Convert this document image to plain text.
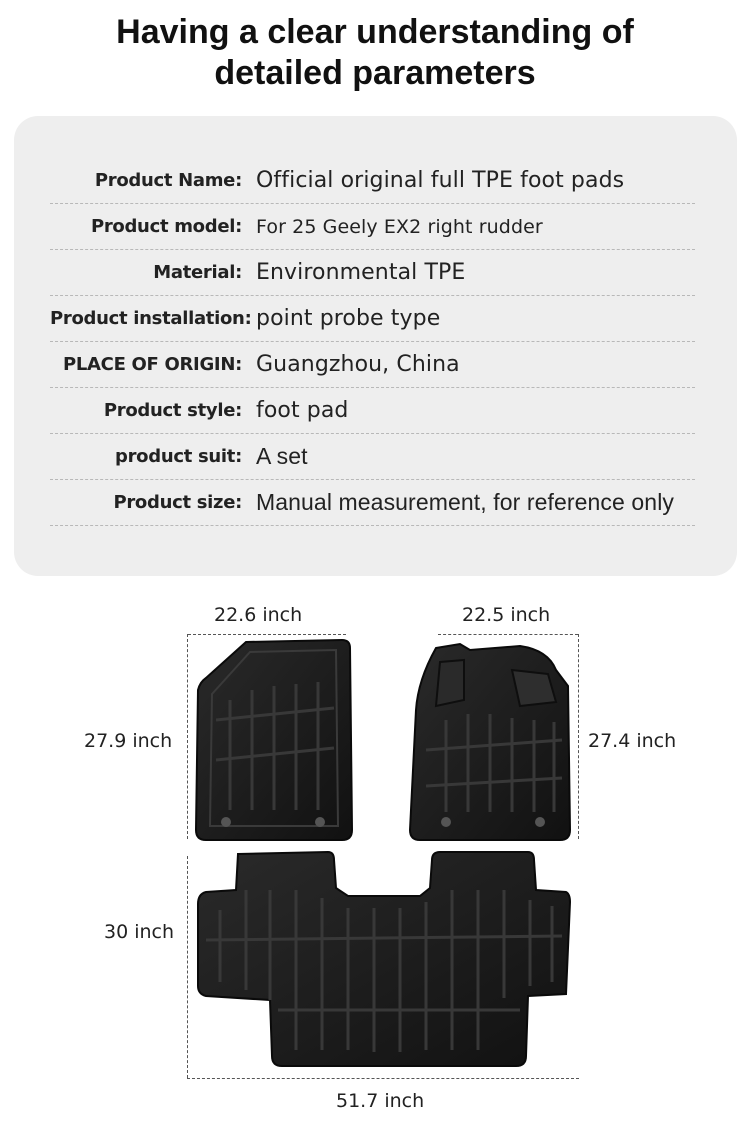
Having a clear understanding of
detailed parameters
Product Name: Official original full TPE foot pads
Product model: For 25 Geely EX2 right rudder
Material: Environmental TPE
Product installation: point probe type
PLACE OF ORIGIN: Guangzhou, China
Product style: foot pad
product suit: A set
Product size: Manual measurement, for reference only
22.6 inch	22.5 inch
27.9 inch	27.4 inch
30 inch
51.7 inch
